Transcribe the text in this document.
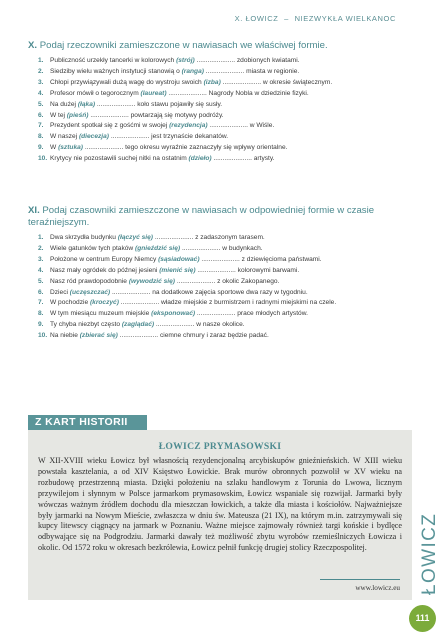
X. ŁOWICZ – NIEZWYKŁA WIELKANOC
X. Podaj rzeczowniki zamieszczone w nawiasach we właściwej formie.
1. Publiczność urzekły tancerki w kolorowych (strój) ..................... zdobionych kwiatami.
2. Siedziby wielu ważnych instytucji stanowią o (ranga) ..................... miasta w regionie.
3. Chłopi przywiązywali dużą wagę do wystroju swoich (izba) ..................... w okresie świątecznym.
4. Profesor mówił o tegorocznym (laureat) ..................... Nagrody Nobla w dziedzinie fizyki.
5. Na dużej (łąka) ..................... koło stawu pojawiły się susły.
6. W tej (pieśń) ..................... powtarzają się motywy podróży.
7. Prezydent spotkał się z gośćmi w swojej (rezydencja) ..................... w Wiśle.
8. W naszej (diecezja) ..................... jest trzynaście dekanatów.
9. W (sztuka) ..................... tego okresu wyraźnie zaznaczyły się wpływy orientalne.
10. Krytycy nie pozostawili suchej nitki na ostatnim (dzieło) ..................... artysty.
XI. Podaj czasowniki zamieszczone w nawiasach w odpowiedniej formie w czasie teraźniejszym.
1. Dwa skrzydła budynku (łączyć się) ..................... z zadaszonym tarasem.
2. Wiele gatunków tych ptaków (gnieździć się) ..................... w budynkach.
3. Położone w centrum Europy Niemcy (sąsiadować) ..................... z dziewięcioma państwami.
4. Nasz mały ogródek do późnej jesieni (mienić się) ..................... kolorowymi barwami.
5. Nasz ród prawdopodobnie (wywodzić się) ..................... z okolic Zakopanego.
6. Dzieci (uczęszczać) ..................... na dodatkowe zajęcia sportowe dwa razy w tygodniu.
7. W pochodzie (kroczyć) ..................... władze miejskie z burmistrzem i radnymi miejskimi na czele.
8. W tym miesiącu muzeum miejskie (eksponować) ..................... prace młodych artystów.
9. Ty chyba niezbyt często (zaglądać) ..................... w nasze okolice.
10. Na niebie (zbierać się) ..................... ciemne chmury i zaraz będzie padać.
Z KART HISTORII
ŁOWICZ PRYMASOWSKI
W XII-XVIII wieku Łowicz był własnością rezydencjonalną arcybiskupów gnieźnieńskich. W XIII wieku powstała kasztelania, a od XIV Księstwo Łowickie. Brak murów obronnych pozwolił w XV wieku na rozbudowę przestrzenną miasta. Dzięki położeniu na szlaku handlowym z Torunia do Lwowa, licznym przywilejom i słynnym w Polsce jarmarkom prymasowskim, Łowicz wspaniale się rozwijał. Jarmarki były wówczas ważnym źródłem dochodu dla mieszczan łowickich, a także dla miasta i kościołów. Najważniejsze były jarmarki na Nowym Mieście, zwłaszcza w dniu św. Mateusza (21 IX), na którym m.in. zatrzymywali się kupcy litewscy ciągnący na jarmark w Poznaniu. Ważne miejsce zajmowały również targi końskie i bydlęce odbywające się na Podgrodziu. Jarmarki dawały też możliwość zbytu wyrobów rzemieślniczych Łowicza i okolic. Od 1572 roku w okresach bezkrólewia, Łowicz pełnił funkcję drugiej stolicy Rzeczpospolitej.
www.lowicz.eu ŁOWICZ
111
